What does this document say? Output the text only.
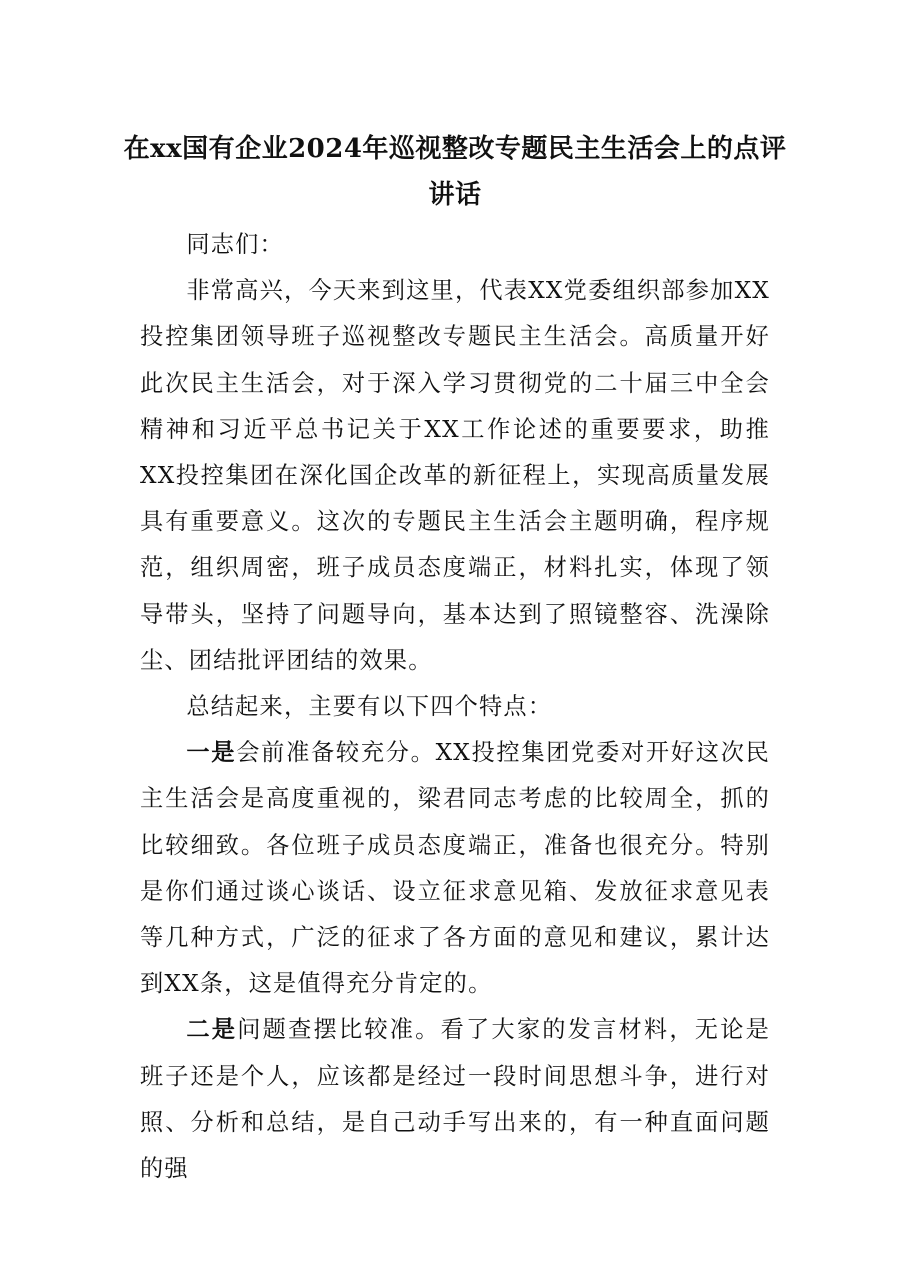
在xx国有企业2024年巡视整改专题民主生活会上的点评讲话

同志们：

非常高兴，今天来到这里，代表XX党委组织部参加XX投控集团领导班子巡视整改专题民主生活会。高质量开好此次民主生活会，对于深入学习贯彻党的二十届三中全会精神和习近平总书记关于XX工作论述的重要要求，助推XX投控集团在深化国企改革的新征程上，实现高质量发展具有重要意义。这次的专题民主生活会主题明确，程序规范，组织周密，班子成员态度端正，材料扎实，体现了领导带头，坚持了问题导向，基本达到了照镜整容、洗澡除尘、团结批评团结的效果。

总结起来，主要有以下四个特点：

一是会前准备较充分。XX投控集团党委对开好这次民主生活会是高度重视的，梁君同志考虑的比较周全，抓的比较细致。各位班子成员态度端正，准备也很充分。特别是你们通过谈心谈话、设立征求意见箱、发放征求意见表等几种方式，广泛的征求了各方面的意见和建议，累计达到XX条，这是值得充分肯定的。

二是问题查摆比较准。看了大家的发言材料，无论是班子还是个人，应该都是经过一段时间思想斗争，进行对照、分析和总结，是自己动手写出来的，有一种直面问题的强
